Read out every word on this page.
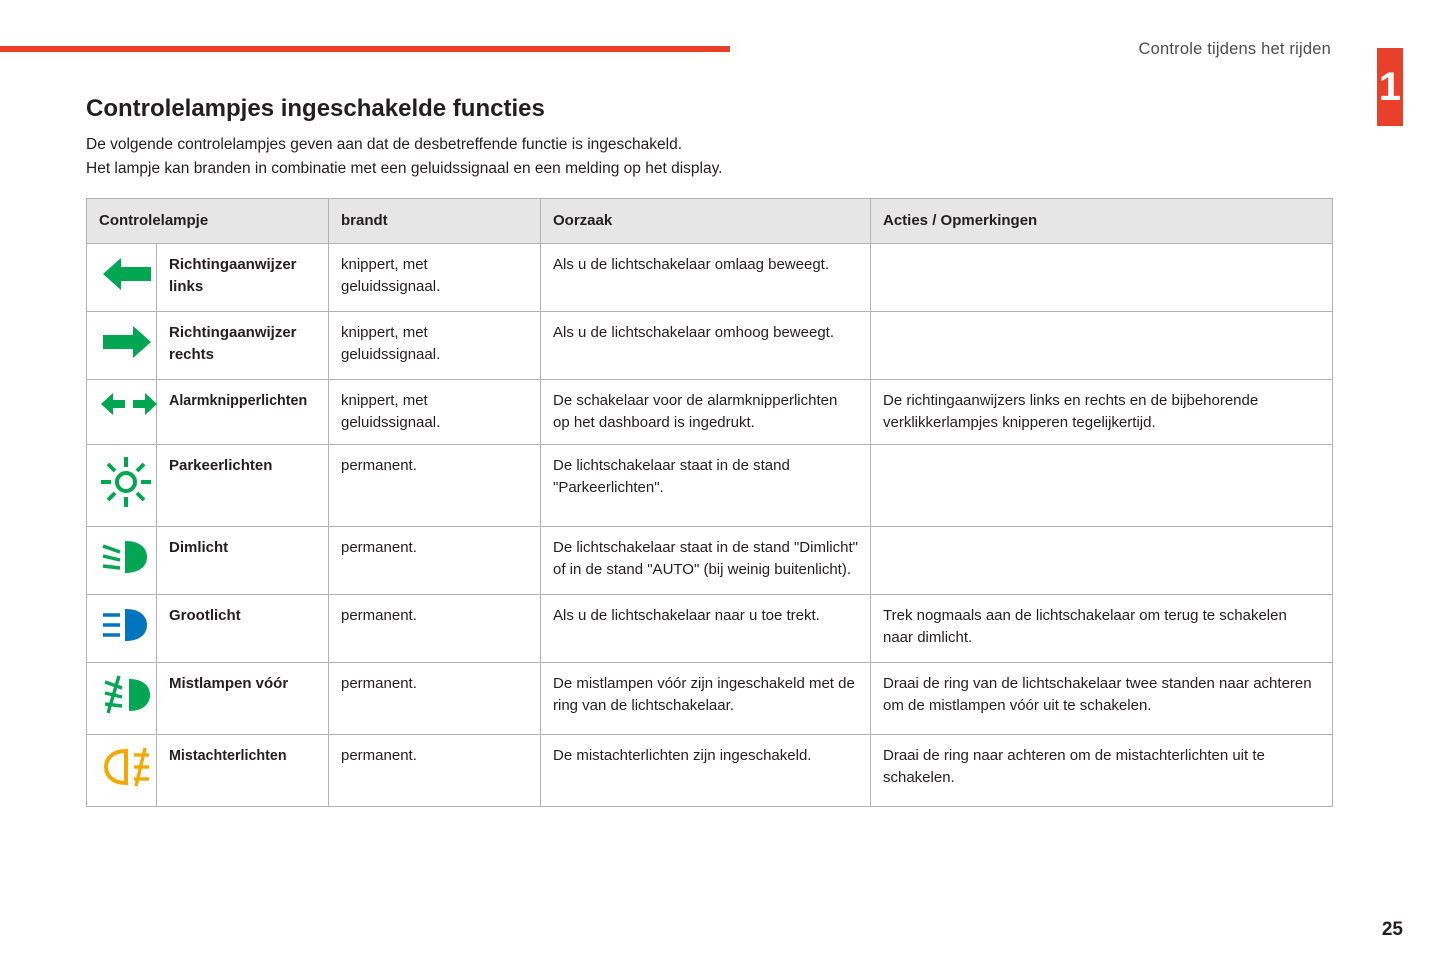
Controle tijdens het rijden
1
Controlelampjes ingeschakelde functies
De volgende controlelampjes geven aan dat de desbetreffende functie is ingeschakeld.
Het lampje kan branden in combinatie met een geluidssignaal en een melding op het display.
Controlelampje		brandt	Oorzaak	Acties / Opmerkingen
	Richtingaanwijzer links	knippert, met geluidssignaal.	Als u de lichtschakelaar omlaag beweegt.	
	Richtingaanwijzer rechts	knippert, met geluidssignaal.	Als u de lichtschakelaar omhoog beweegt.	
	Alarmknipperlichten	knippert, met geluidssignaal.	De schakelaar voor de alarmknipperlichten op het dashboard is ingedrukt.	De richtingaanwijzers links en rechts en de bijbehorende verklikkerlampjes knipperen tegelijkertijd.
	Parkeerlichten	permanent.	De lichtschakelaar staat in de stand "Parkeerlichten".	
	Dimlicht	permanent.	De lichtschakelaar staat in de stand "Dimlicht" of in de stand "AUTO" (bij weinig buitenlicht).	
	Grootlicht	permanent.	Als u de lichtschakelaar naar u toe trekt.	Trek nogmaals aan de lichtschakelaar om terug te schakelen naar dimlicht.
	Mistlampen vóór	permanent.	De mistlampen vóór zijn ingeschakeld met de ring van de lichtschakelaar.	Draai de ring van de lichtschakelaar twee standen naar achteren om de mistlampen vóór uit te schakelen.
	Mistachterlichten	permanent.	De mistachterlichten zijn ingeschakeld.	Draai de ring naar achteren om de mistachterlichten uit te schakelen.
25
